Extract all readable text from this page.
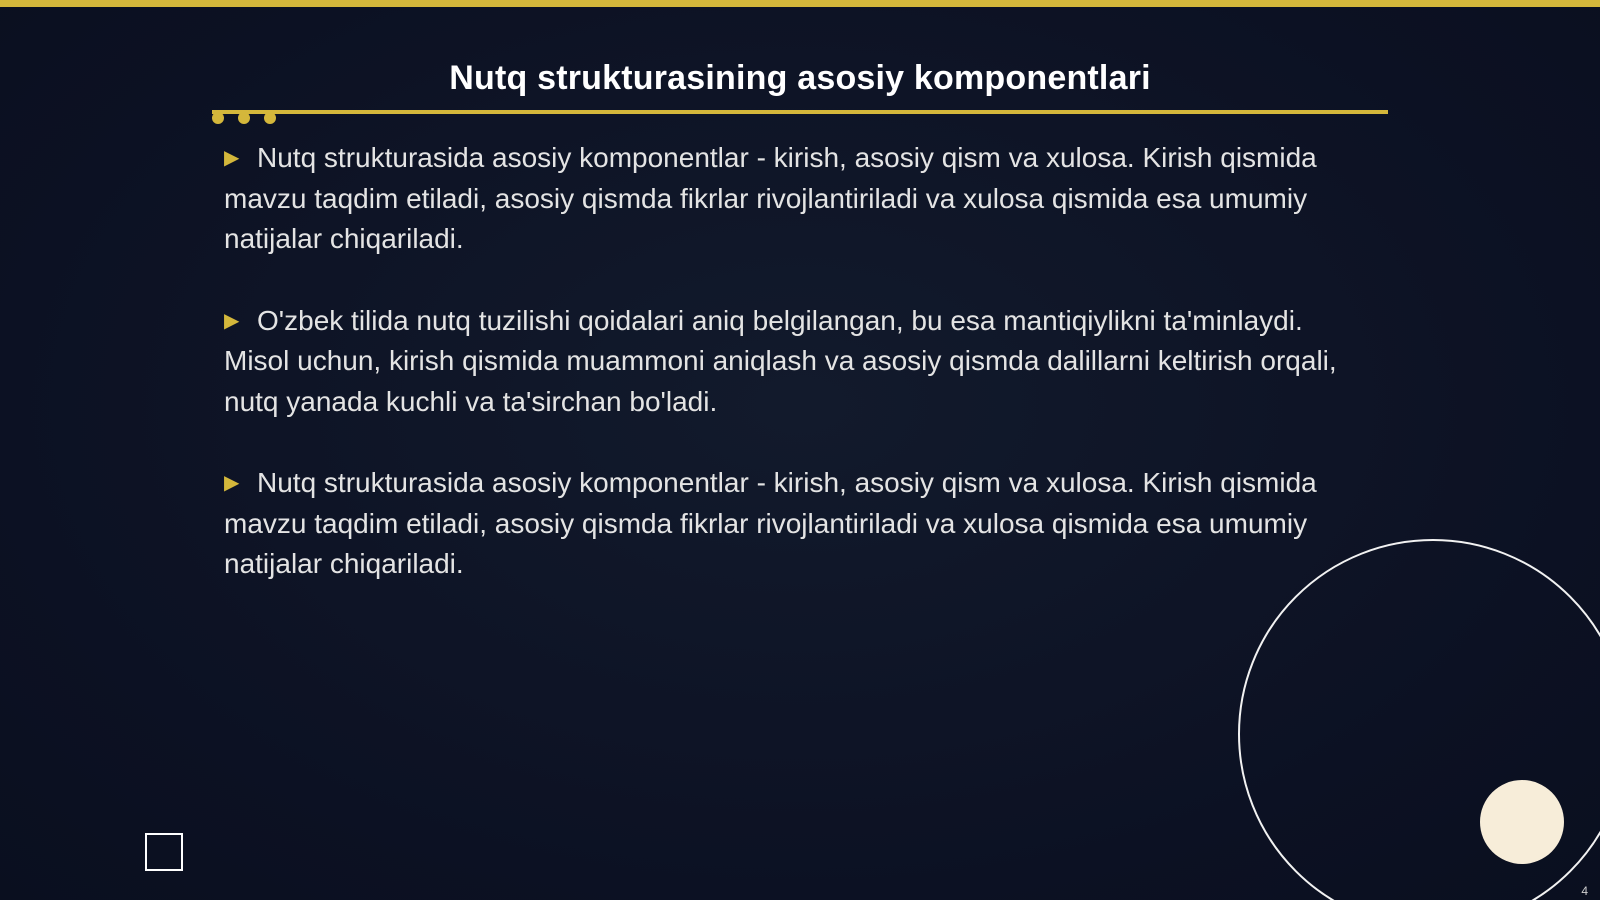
Nutq strukturasining asosiy komponentlari

▶ Nutq strukturasida asosiy komponentlar - kirish, asosiy qism va xulosa. Kirish qismida mavzu taqdim etiladi, asosiy qismda fikrlar rivojlantiriladi va xulosa qismida esa umumiy natijalar chiqariladi.

▶ O'zbek tilida nutq tuzilishi qoidalari aniq belgilangan, bu esa mantiqiylikni ta'minlaydi. Misol uchun, kirish qismida muammoni aniqlash va asosiy qismda dalillarni keltirish orqali, nutq yanada kuchli va ta'sirchan bo'ladi.

▶ Nutq strukturasida asosiy komponentlar - kirish, asosiy qism va xulosa. Kirish qismida mavzu taqdim etiladi, asosiy qismda fikrlar rivojlantiriladi va xulosa qismida esa umumiy natijalar chiqariladi.

4
